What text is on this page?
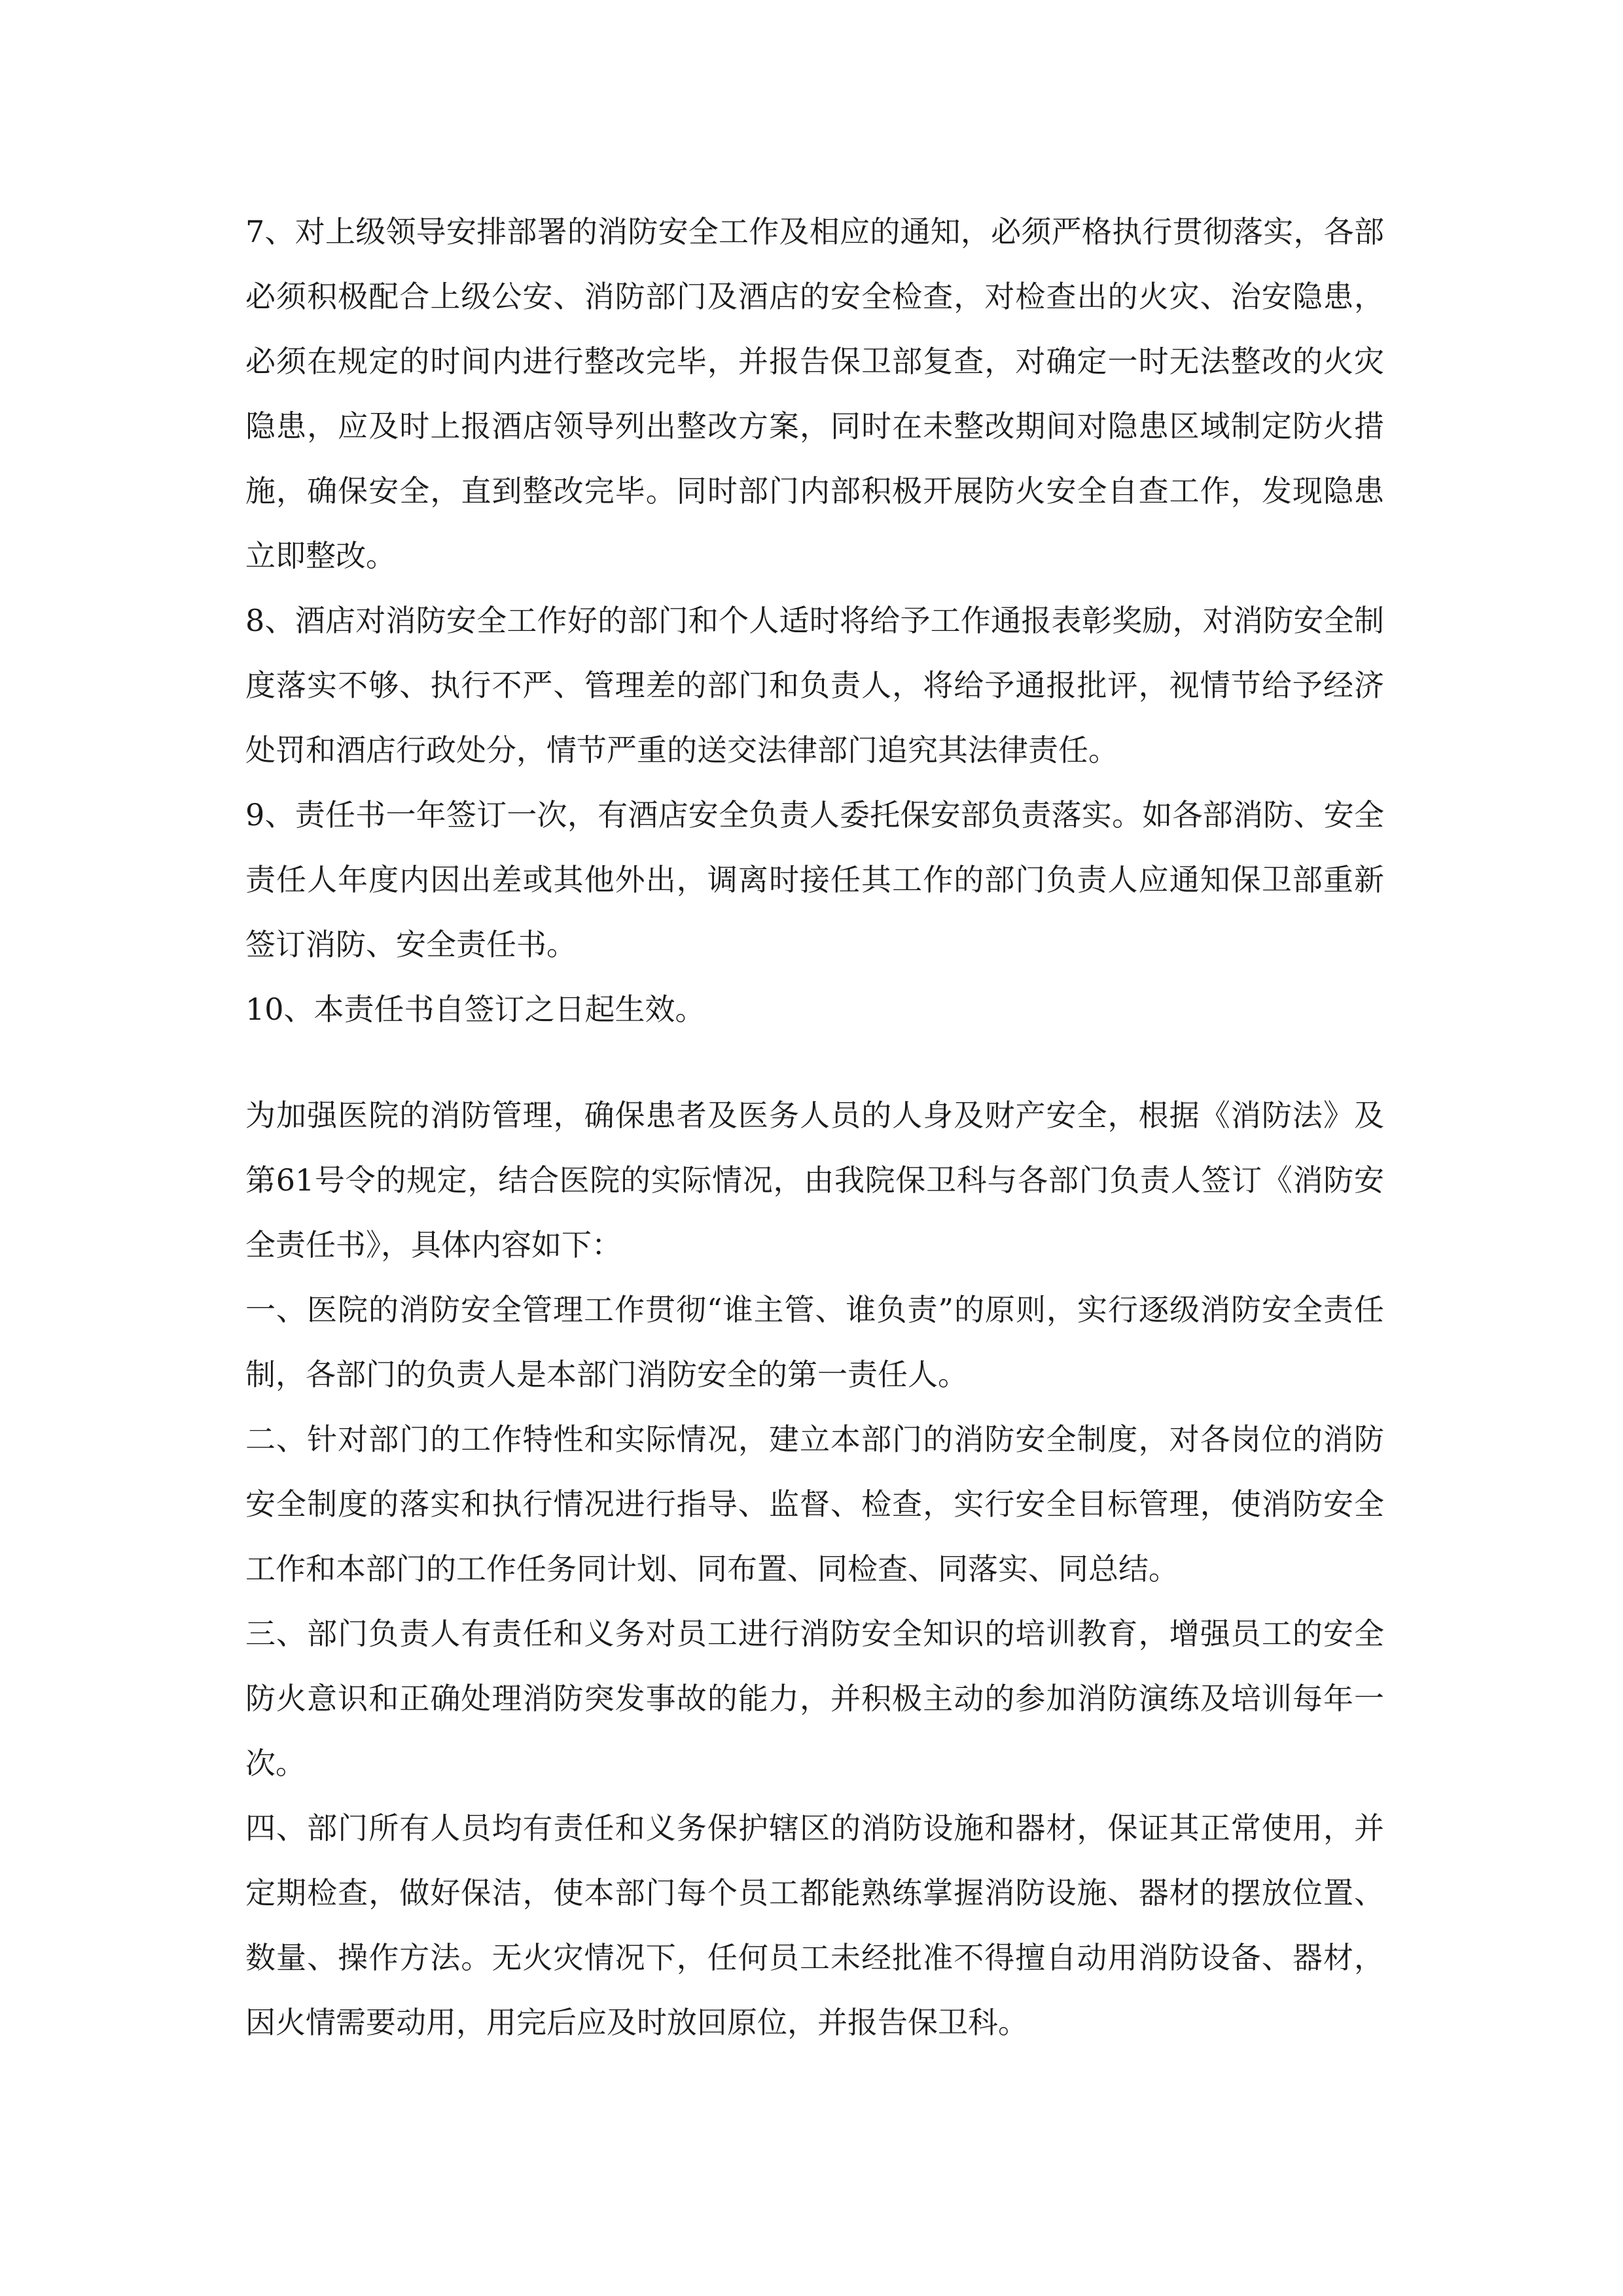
7、对上级领导安排部署的消防安全工作及相应的通知，必须严格执行贯彻落实，各部必须积极配合上级公安、消防部门及酒店的安全检查，对检查出的火灾、治安隐患，必须在规定的时间内进行整改完毕，并报告保卫部复查，对确定一时无法整改的火灾隐患，应及时上报酒店领导列出整改方案，同时在未整改期间对隐患区域制定防火措施，确保安全，直到整改完毕。同时部门内部积极开展防火安全自查工作，发现隐患立即整改。

8、酒店对消防安全工作好的部门和个人适时将给予工作通报表彰奖励，对消防安全制度落实不够、执行不严、管理差的部门和负责人，将给予通报批评，视情节给予经济处罚和酒店行政处分，情节严重的送交法律部门追究其法律责任。

9、责任书一年签订一次，有酒店安全负责人委托保安部负责落实。如各部消防、安全责任人年度内因出差或其他外出，调离时接任其工作的部门负责人应通知保卫部重新签订消防、安全责任书。

10、本责任书自签订之日起生效。

为加强医院的消防管理，确保患者及医务人员的人身及财产安全，根据《消防法》及第61号令的规定，结合医院的实际情况，由我院保卫科与各部门负责人签订《消防安全责任书》，具体内容如下：

一、医院的消防安全管理工作贯彻“谁主管、谁负责”的原则，实行逐级消防安全责任制，各部门的负责人是本部门消防安全的第一责任人。

二、针对部门的工作特性和实际情况，建立本部门的消防安全制度，对各岗位的消防安全制度的落实和执行情况进行指导、监督、检查，实行安全目标管理，使消防安全工作和本部门的工作任务同计划、同布置、同检查、同落实、同总结。

三、部门负责人有责任和义务对员工进行消防安全知识的培训教育，增强员工的安全防火意识和正确处理消防突发事故的能力，并积极主动的参加消防演练及培训每年一次。

四、部门所有人员均有责任和义务保护辖区的消防设施和器材，保证其正常使用，并定期检查，做好保洁，使本部门每个员工都能熟练掌握消防设施、器材的摆放位置、数量、操作方法。无火灾情况下，任何员工未经批准不得擅自动用消防设备、器材，因火情需要动用，用完后应及时放回原位，并报告保卫科。
